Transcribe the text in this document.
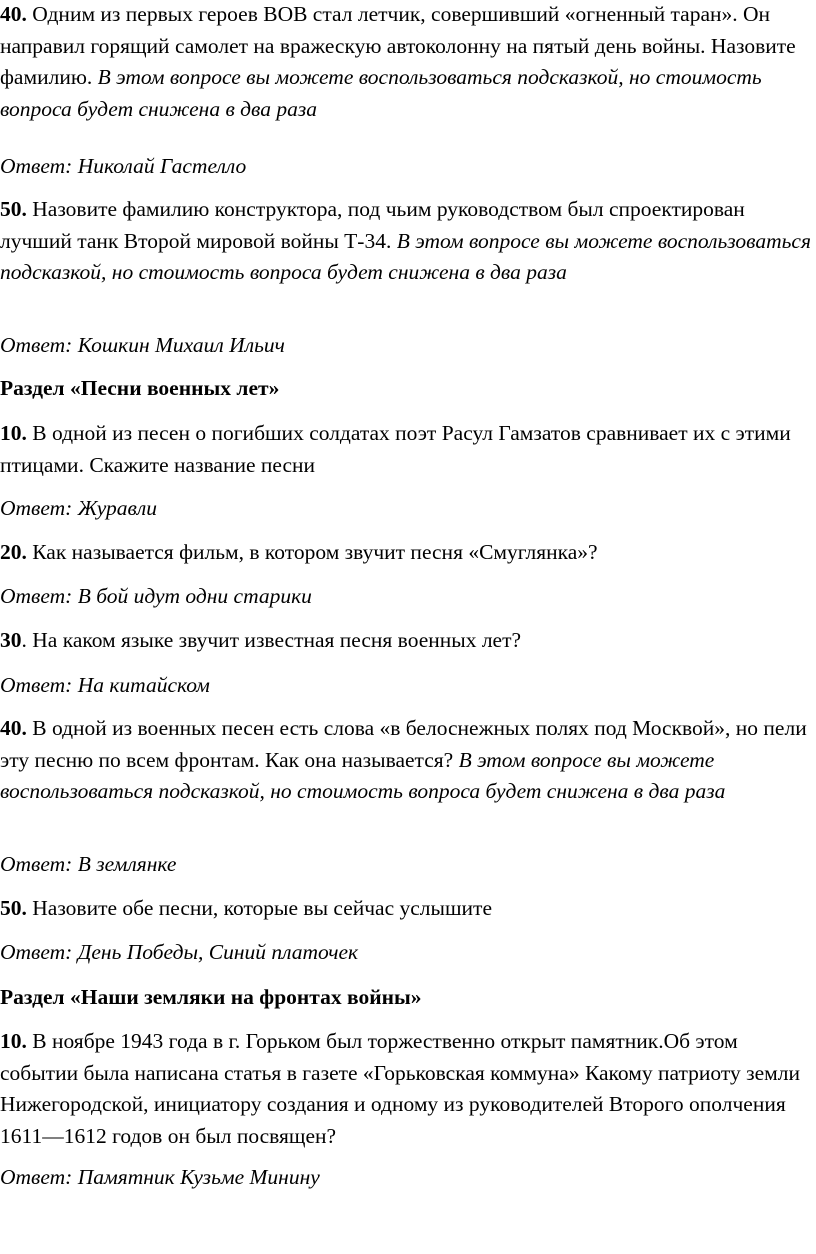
40. Одним из первых героев ВОВ стал летчик, совершивший «огненный таран». Он направил горящий самолет на вражескую автоколонну на пятый день войны. Назовите фамилию. В этом вопросе вы можете воспользоваться подсказкой, но стоимость вопроса будет снижена в два раза

Ответ: Николай Гастелло

50. Назовите фамилию конструктора, под чьим руководством был спроектирован лучший танк Второй мировой войны Т-34. В этом вопросе вы можете воспользоваться подсказкой, но стоимость вопроса будет снижена в два раза

Ответ: Кошкин Михаил Ильич

Раздел «Песни военных лет»

10. В одной из песен о погибших солдатах поэт Расул Гамзатов сравнивает их с этими птицами. Скажите название песни

Ответ: Журавли

20. Как называется фильм, в котором звучит песня «Смуглянка»?

Ответ: В бой идут одни старики

30. На каком языке звучит известная песня военных лет?

Ответ: На китайском

40. В одной из военных песен есть слова «в белоснежных полях под Москвой», но пели эту песню по всем фронтам. Как она называется? В этом вопросе вы можете воспользоваться подсказкой, но стоимость вопроса будет снижена в два раза

Ответ: В землянке

50. Назовите обе песни, которые вы сейчас услышите

Ответ: День Победы, Синий платочек

Раздел «Наши земляки на фронтах войны»

10. В ноябре 1943 года в г. Горьком был торжественно открыт памятник.Об этом событии была написана статья в газете «Горьковская коммуна» Какому патриоту земли Нижегородской, инициатору создания и одному из руководителей Второго ополчения 1611—1612 годов он был посвящен?

Ответ: Памятник Кузьме Минину
